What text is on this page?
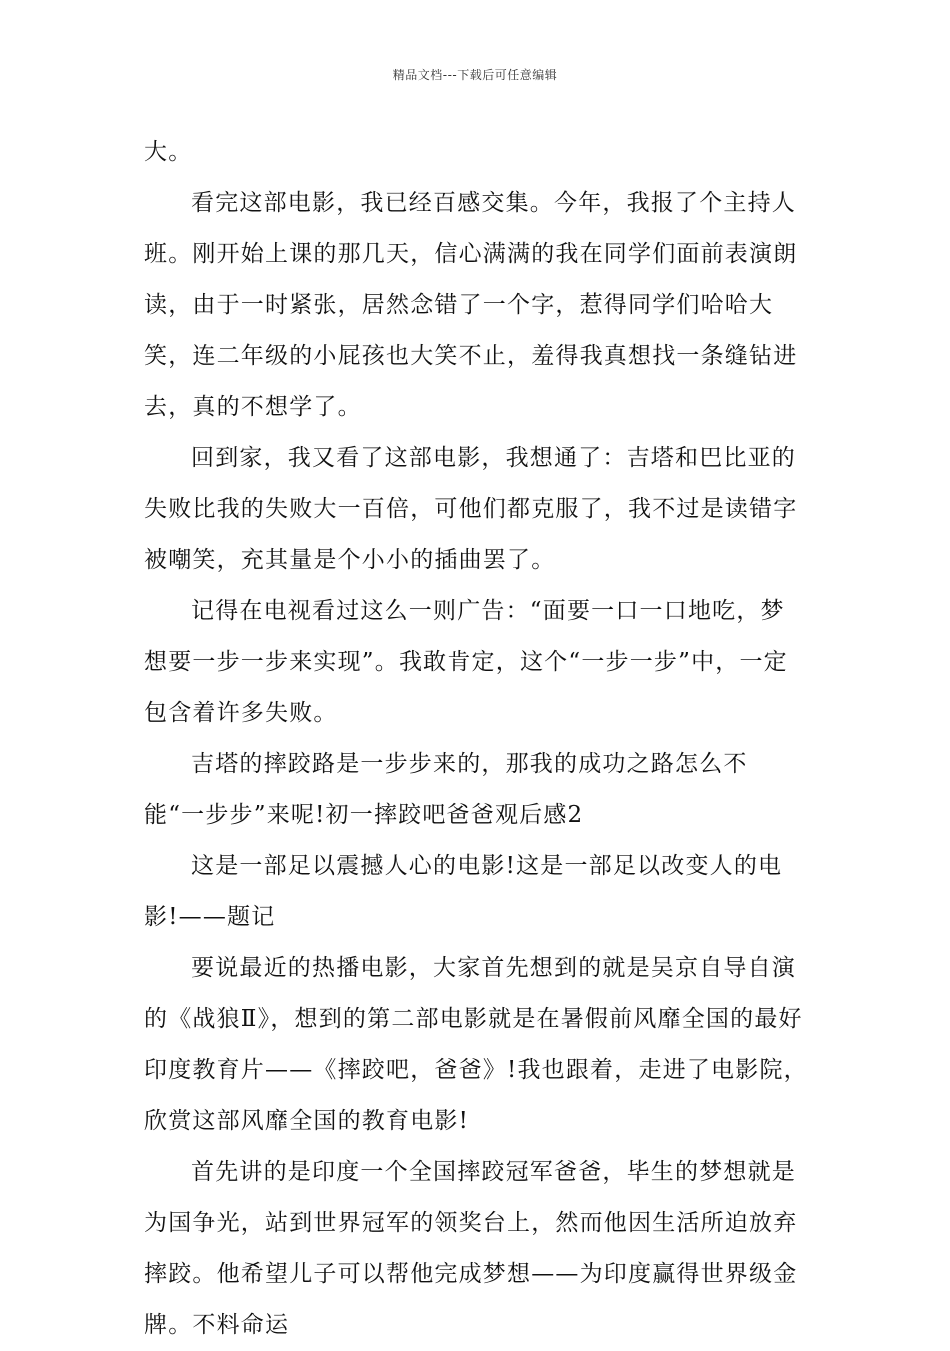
精品文档---下载后可任意编辑

大。

看完这部电影，我已经百感交集。今年，我报了个主持人班。刚开始上课的那几天，信心满满的我在同学们面前表演朗读，由于一时紧张，居然念错了一个字，惹得同学们哈哈大笑，连二年级的小屁孩也大笑不止，羞得我真想找一条缝钻进去，真的不想学了。

回到家，我又看了这部电影，我想通了：吉塔和巴比亚的失败比我的失败大一百倍，可他们都克服了，我不过是读错字被嘲笑，充其量是个小小的插曲罢了。

记得在电视看过这么一则广告：“面要一口一口地吃，梦想要一步一步来实现”。我敢肯定，这个“一步一步”中，一定包含着许多失败。

吉塔的摔跤路是一步步来的，那我的成功之路怎么不能“一步步”来呢!初一摔跤吧爸爸观后感2

这是一部足以震撼人心的电影!这是一部足以改变人的电影!——题记

要说最近的热播电影，大家首先想到的就是吴京自导自演的《战狼Ⅱ》，想到的第二部电影就是在暑假前风靡全国的最好印度教育片——《摔跤吧，爸爸》!我也跟着，走进了电影院，欣赏这部风靡全国的教育电影!

首先讲的是印度一个全国摔跤冠军爸爸，毕生的梦想就是为国争光，站到世界冠军的领奖台上，然而他因生活所迫放弃摔跤。他希望儿子可以帮他完成梦想——为印度赢得世界级金牌。不料命运
